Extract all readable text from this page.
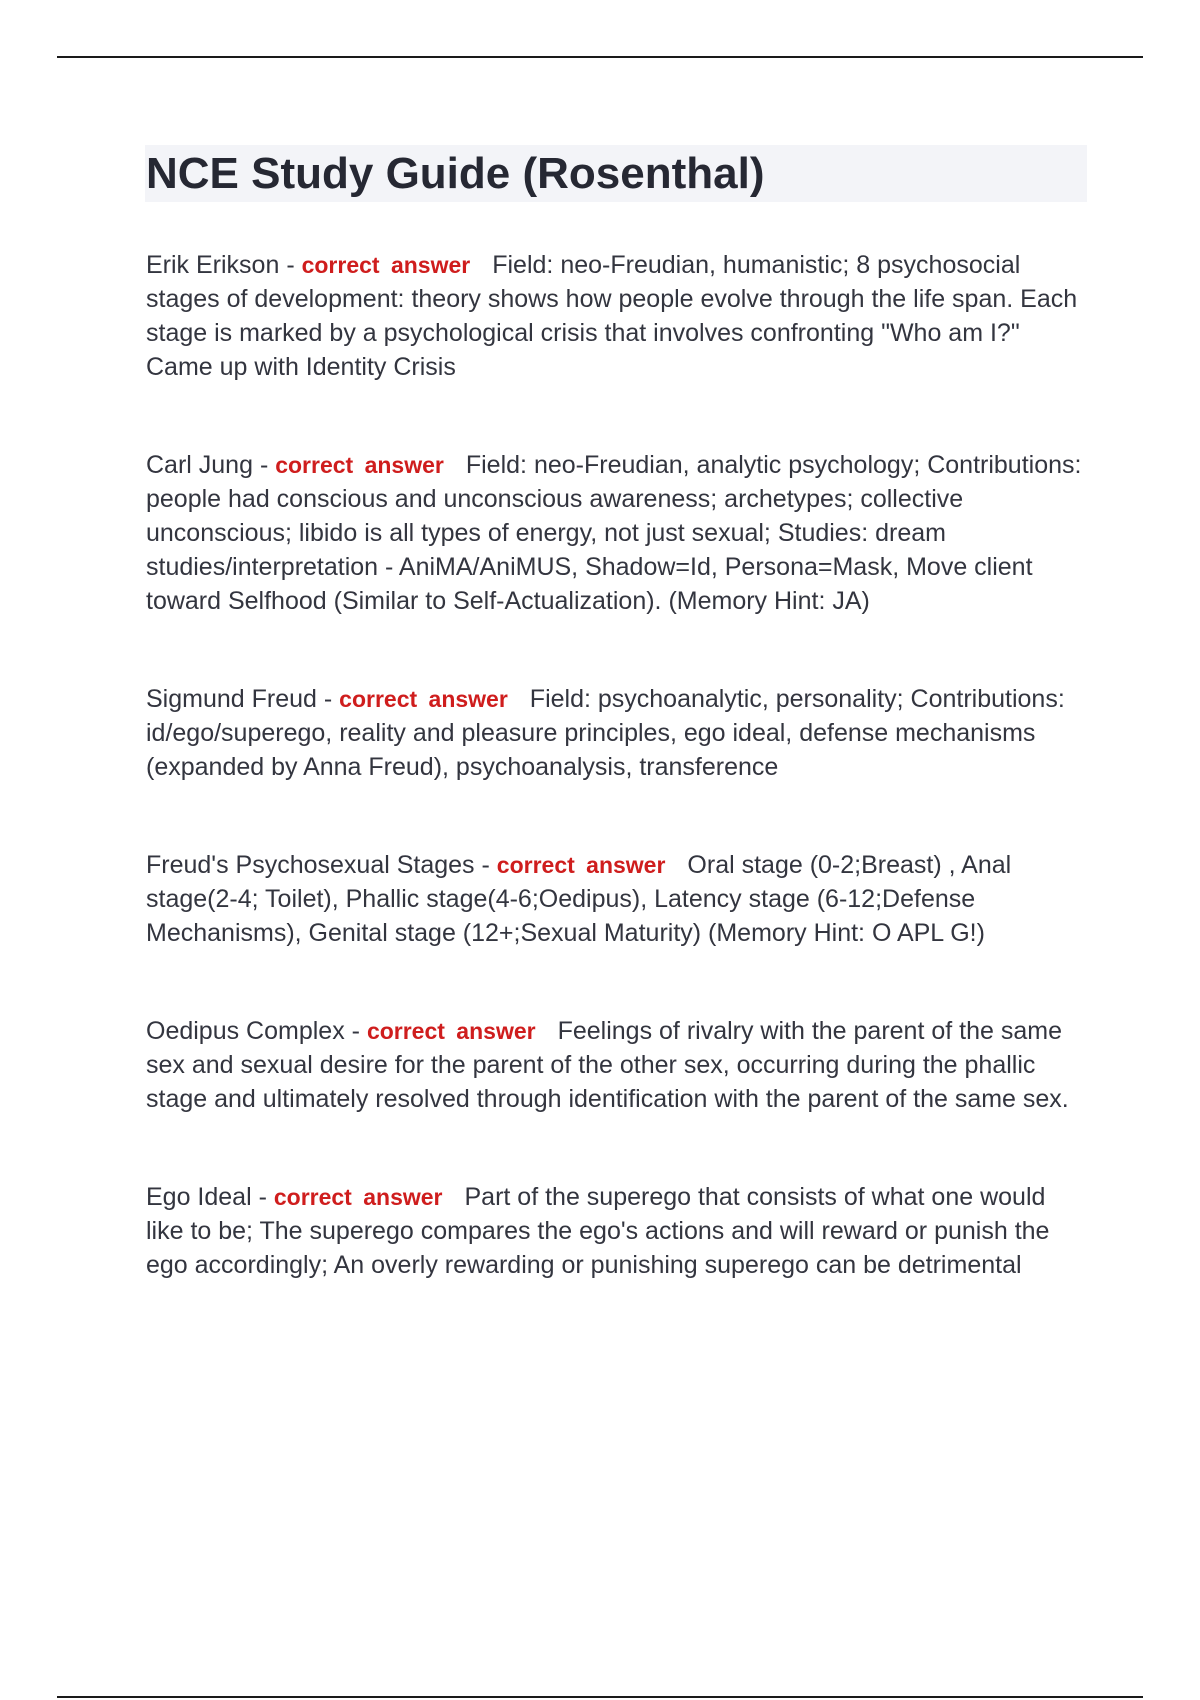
NCE Study Guide (Rosenthal)

Erik Erikson - correct answer Field: neo-Freudian, humanistic; 8 psychosocial stages of development: theory shows how people evolve through the life span. Each stage is marked by a psychological crisis that involves confronting "Who am I?" Came up with Identity Crisis

Carl Jung - correct answer Field: neo-Freudian, analytic psychology; Contributions: people had conscious and unconscious awareness; archetypes; collective unconscious; libido is all types of energy, not just sexual; Studies: dream studies/interpretation - AniMA/AniMUS, Shadow=Id, Persona=Mask, Move client toward Selfhood (Similar to Self-Actualization). (Memory Hint: JA)

Sigmund Freud - correct answer Field: psychoanalytic, personality; Contributions: id/ego/superego, reality and pleasure principles, ego ideal, defense mechanisms (expanded by Anna Freud), psychoanalysis, transference

Freud's Psychosexual Stages - correct answer Oral stage (0-2;Breast) , Anal stage(2-4; Toilet), Phallic stage(4-6;Oedipus), Latency stage (6-12;Defense Mechanisms), Genital stage (12+;Sexual Maturity) (Memory Hint: O APL G!)

Oedipus Complex - correct answer Feelings of rivalry with the parent of the same sex and sexual desire for the parent of the other sex, occurring during the phallic stage and ultimately resolved through identification with the parent of the same sex.

Ego Ideal - correct answer Part of the superego that consists of what one would like to be; The superego compares the ego's actions and will reward or punish the ego accordingly; An overly rewarding or punishing superego can be detrimental
